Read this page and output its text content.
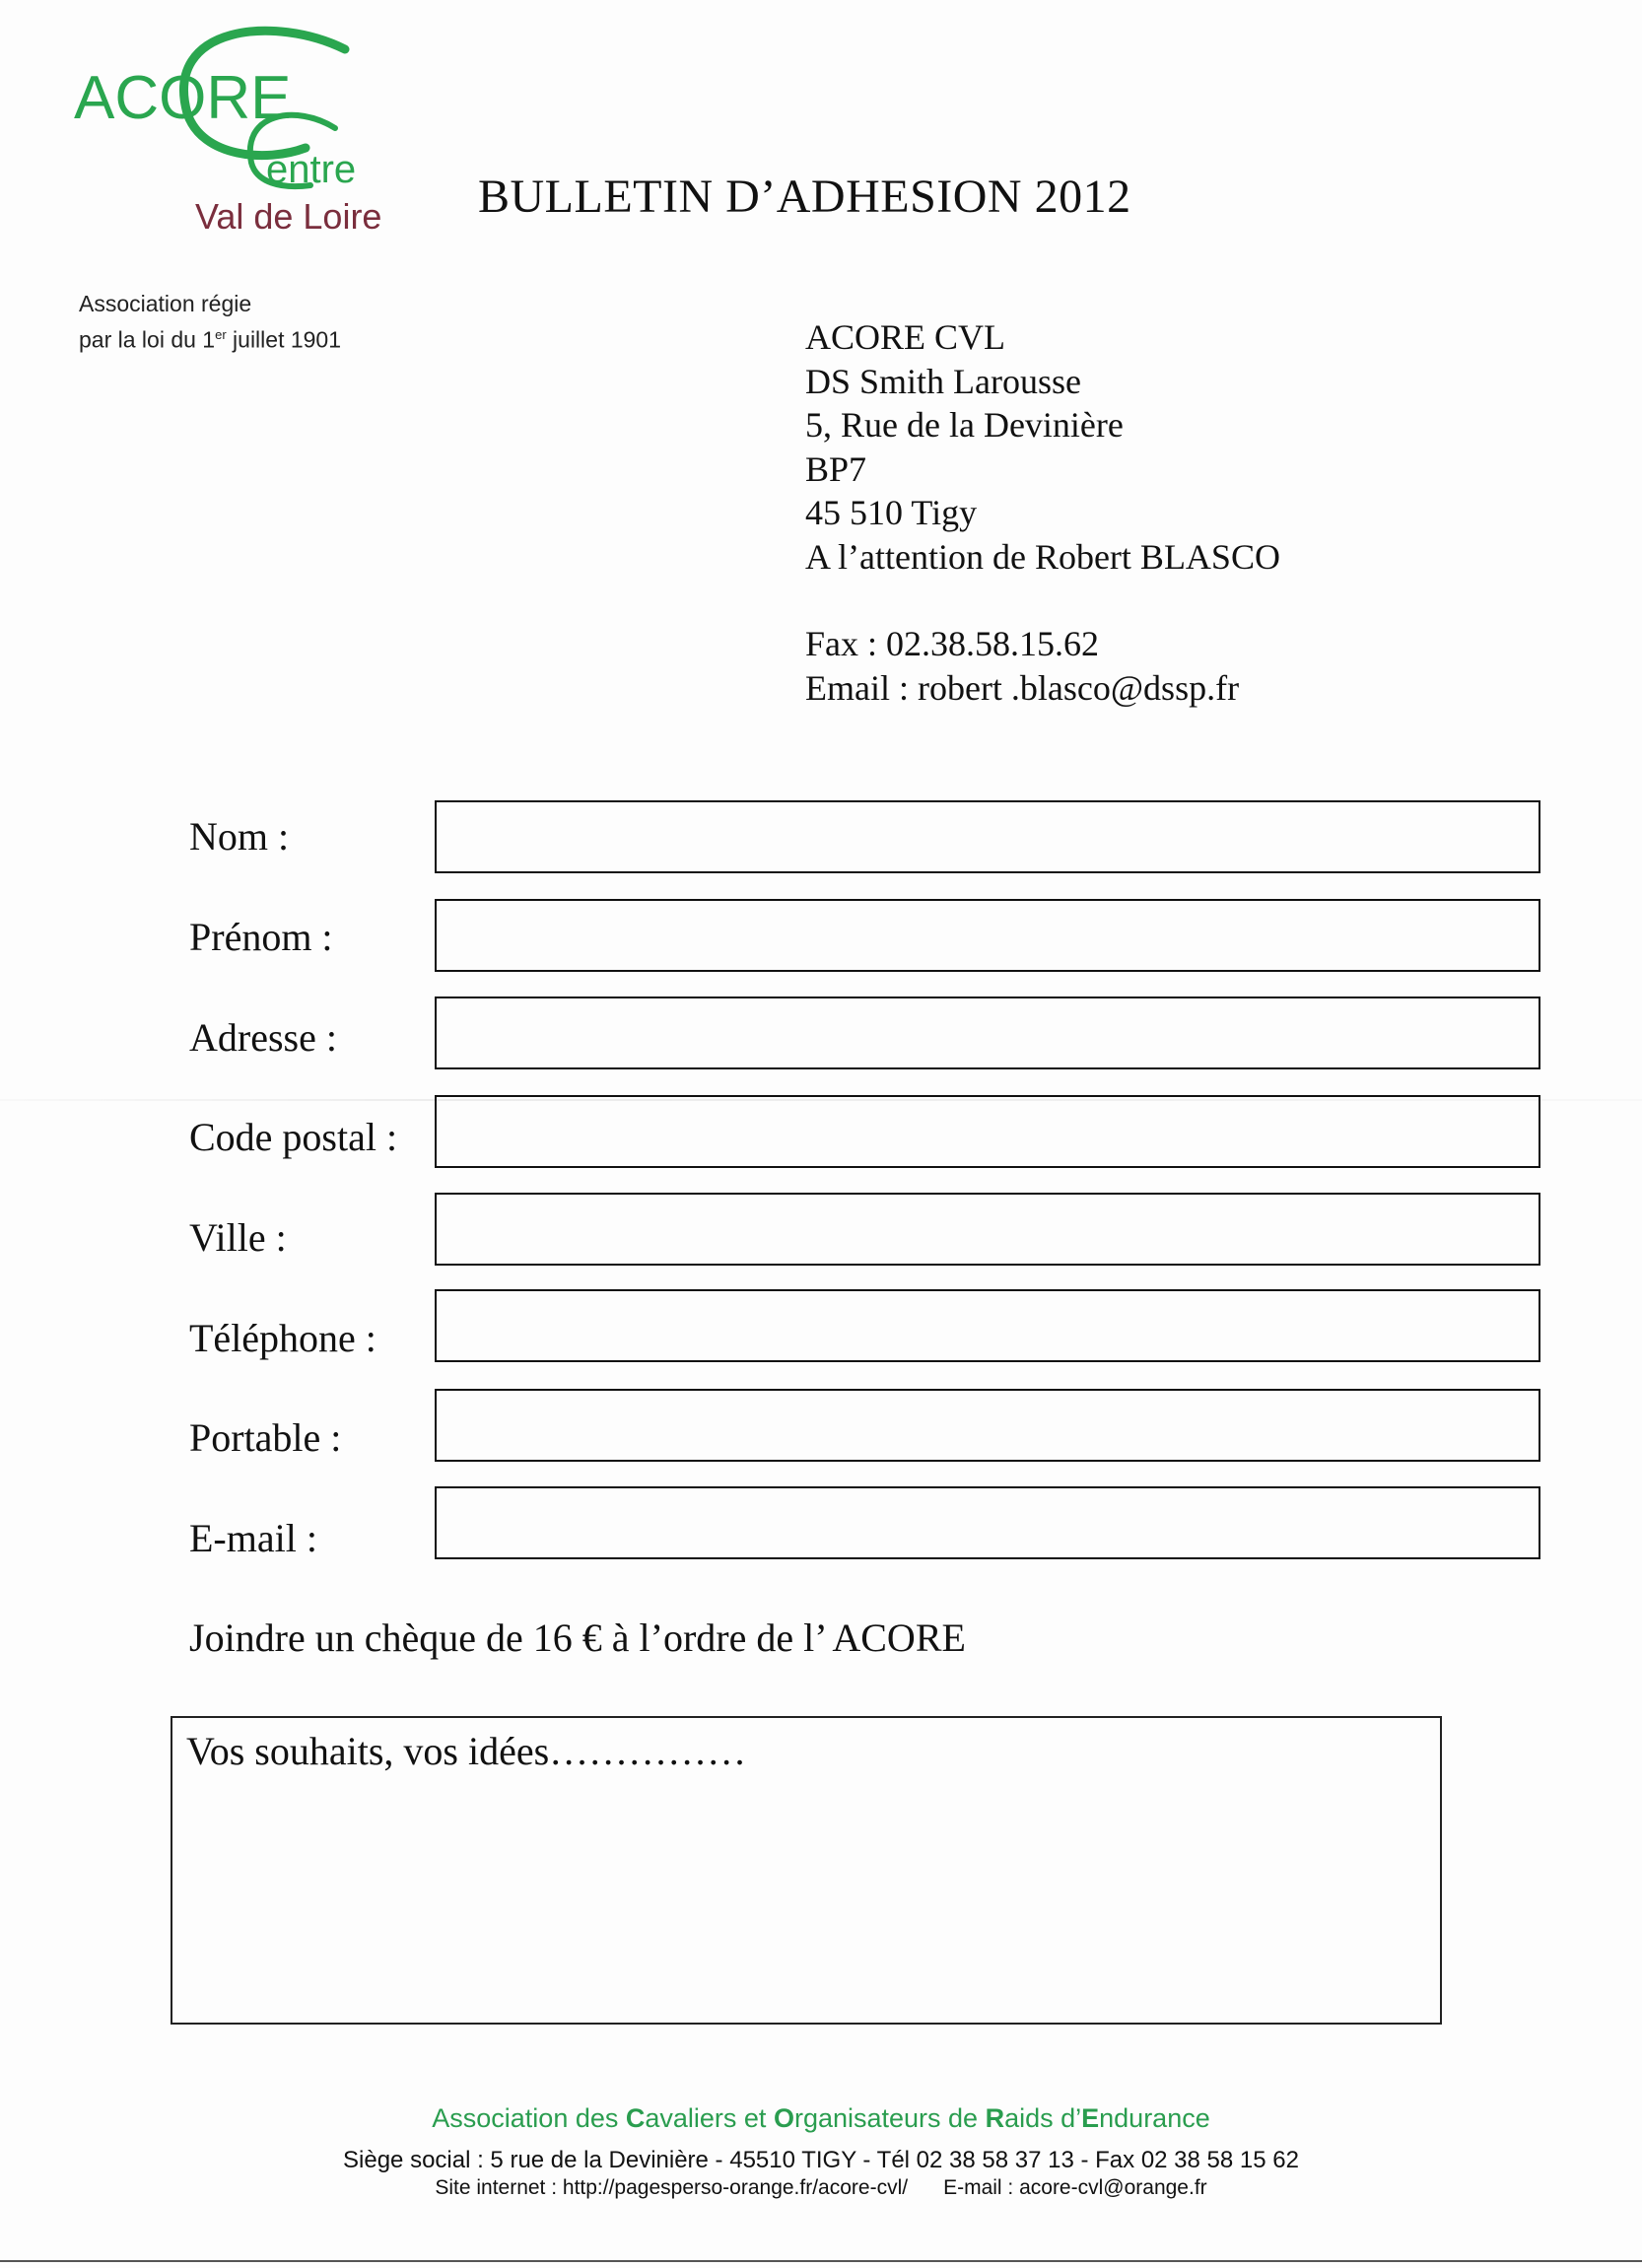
ACORE
entre
Val de Loire
Association régie
par la loi du 1er juillet 1901
BULLETIN D’ADHESION 2012
ACORE CVL
DS Smith Larousse
5, Rue de la Devinière
BP7
45 510 Tigy
A l’attention de Robert BLASCO
Fax : 02.38.58.15.62
Email : robert .blasco@dssp.fr
Nom :
Prénom :
Adresse :
Code postal :
Ville :
Téléphone :
Portable :
E-mail :
Joindre un chèque de 16 € à l’ordre de l’ ACORE
Vos souhaits, vos idées……………
Association des Cavaliers et Organisateurs de Raids d’Endurance
Siège social : 5 rue de la Devinière - 45510 TIGY - Tél 02 38 58 37 13 - Fax 02 38 58 15 62
Site internet : http://pagesperso-orange.fr/acore-cvl/ E-mail : acore-cvl@orange.fr
